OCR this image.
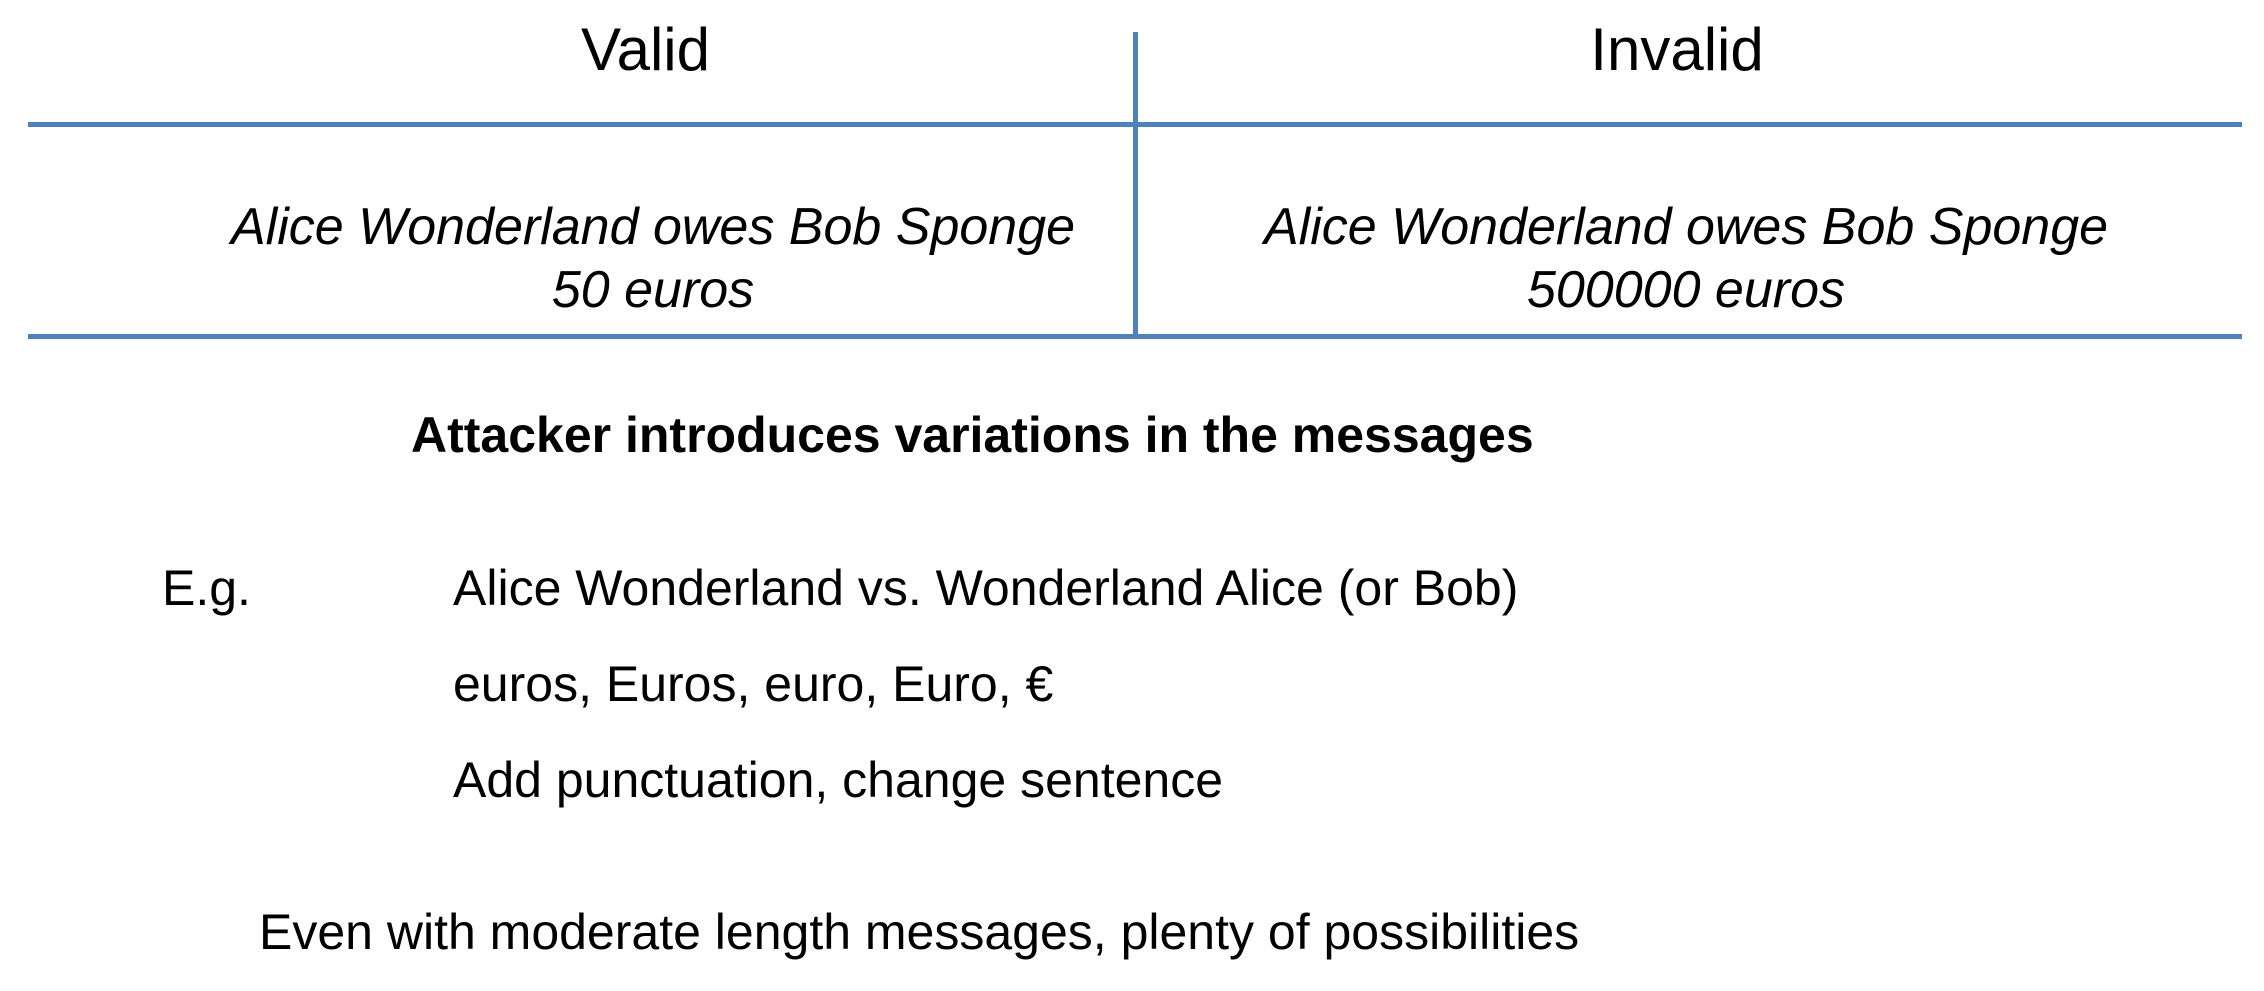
Valid	Invalid
Alice Wonderland owes Bob Sponge
50 euros
Alice Wonderland owes Bob Sponge
500000 euros
Attacker introduces variations in the messages
E.g.	Alice Wonderland vs. Wonderland Alice (or Bob)
euros, Euros, euro, Euro, €
Add punctuation, change sentence
Even with moderate length messages, plenty of possibilities
